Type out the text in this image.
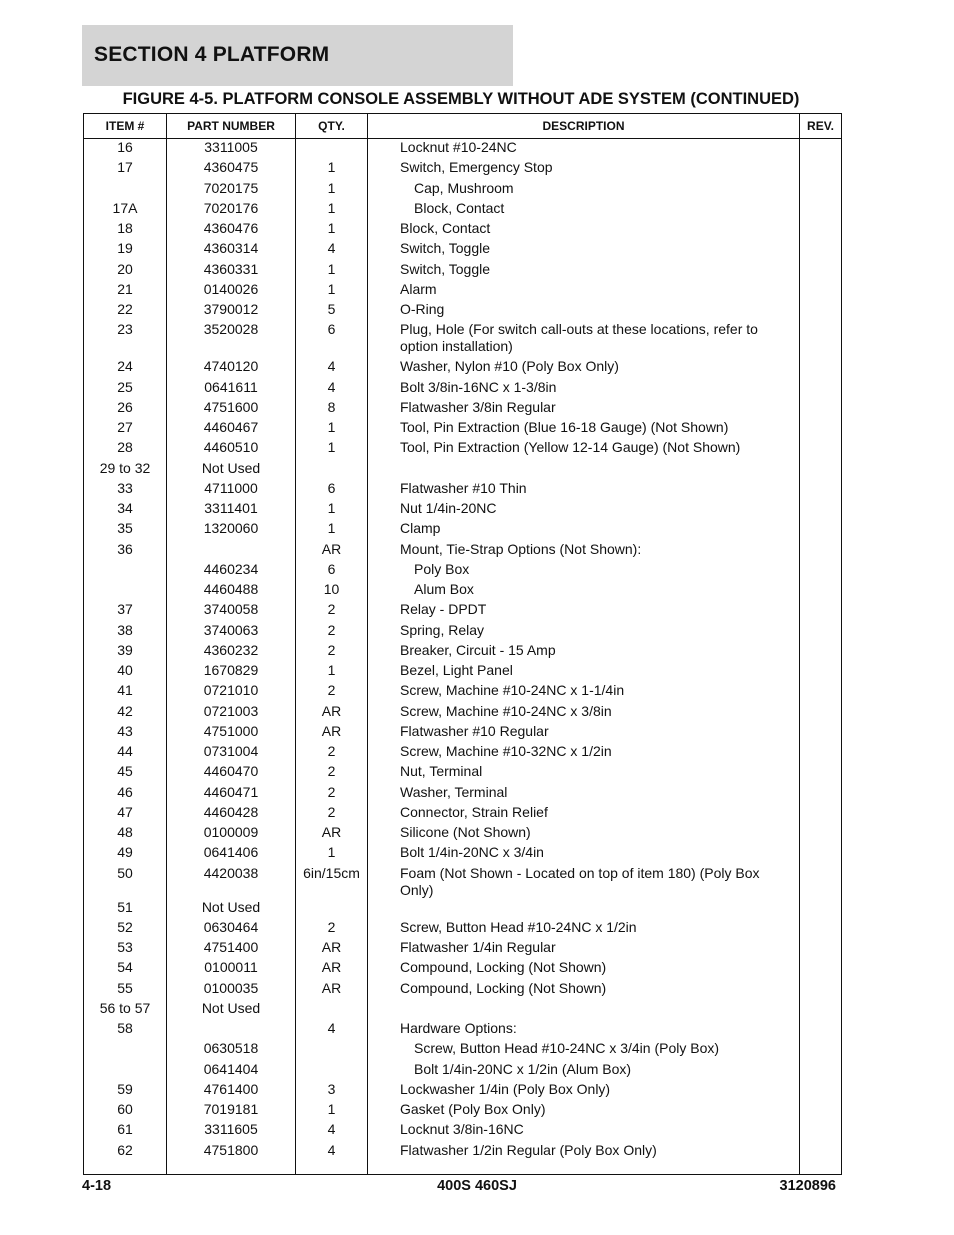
SECTION 4 PLATFORM
FIGURE 4-5. PLATFORM CONSOLE ASSEMBLY WITHOUT ADE SYSTEM (CONTINUED)
ITEM #	PART NUMBER	QTY.	DESCRIPTION	REV.
16	3311005		Locknut #10-24NC	
17	4360475	1	Switch, Emergency Stop	
	7020175	1	Cap, Mushroom	
17A	7020176	1	Block, Contact	
18	4360476	1	Block, Contact	
19	4360314	4	Switch, Toggle	
20	4360331	1	Switch, Toggle	
21	0140026	1	Alarm	
22	3790012	5	O-Ring	
23	3520028	6	Plug, Hole (For switch call-outs at these locations, refer to option installation)	
24	4740120	4	Washer, Nylon #10 (Poly Box Only)	
25	0641611	4	Bolt 3/8in-16NC x 1-3/8in	
26	4751600	8	Flatwasher 3/8in Regular	
27	4460467	1	Tool, Pin Extraction (Blue 16-18 Gauge) (Not Shown)	
28	4460510	1	Tool, Pin Extraction (Yellow 12-14 Gauge) (Not Shown)	
29 to 32	Not Used			
33	4711000	6	Flatwasher #10 Thin	
34	3311401	1	Nut 1/4in-20NC	
35	1320060	1	Clamp	
36		AR	Mount, Tie-Strap Options (Not Shown):	
	4460234	6	Poly Box	
	4460488	10	Alum Box	
37	3740058	2	Relay - DPDT	
38	3740063	2	Spring, Relay	
39	4360232	2	Breaker, Circuit - 15 Amp	
40	1670829	1	Bezel, Light Panel	
41	0721010	2	Screw, Machine #10-24NC x 1-1/4in	
42	0721003	AR	Screw, Machine #10-24NC x 3/8in	
43	4751000	AR	Flatwasher #10 Regular	
44	0731004	2	Screw, Machine #10-32NC x 1/2in	
45	4460470	2	Nut, Terminal	
46	4460471	2	Washer, Terminal	
47	4460428	2	Connector, Strain Relief	
48	0100009	AR	Silicone (Not Shown)	
49	0641406	1	Bolt 1/4in-20NC x 3/4in	
50	4420038	6in/15cm	Foam (Not Shown - Located on top of item 180) (Poly Box Only)	
51	Not Used			
52	0630464	2	Screw, Button Head #10-24NC x 1/2in	
53	4751400	AR	Flatwasher 1/4in Regular	
54	0100011	AR	Compound, Locking (Not Shown)	
55	0100035	AR	Compound, Locking (Not Shown)	
56 to 57	Not Used			
58		4	Hardware Options:	
	0630518		Screw, Button Head #10-24NC x 3/4in (Poly Box)	
	0641404		Bolt 1/4in-20NC x 1/2in (Alum Box)	
59	4761400	3	Lockwasher 1/4in (Poly Box Only)	
60	7019181	1	Gasket (Poly Box Only)	
61	3311605	4	Locknut 3/8in-16NC	
62	4751800	4	Flatwasher 1/2in Regular (Poly Box Only)	
4-18	400S 460SJ	3120896
